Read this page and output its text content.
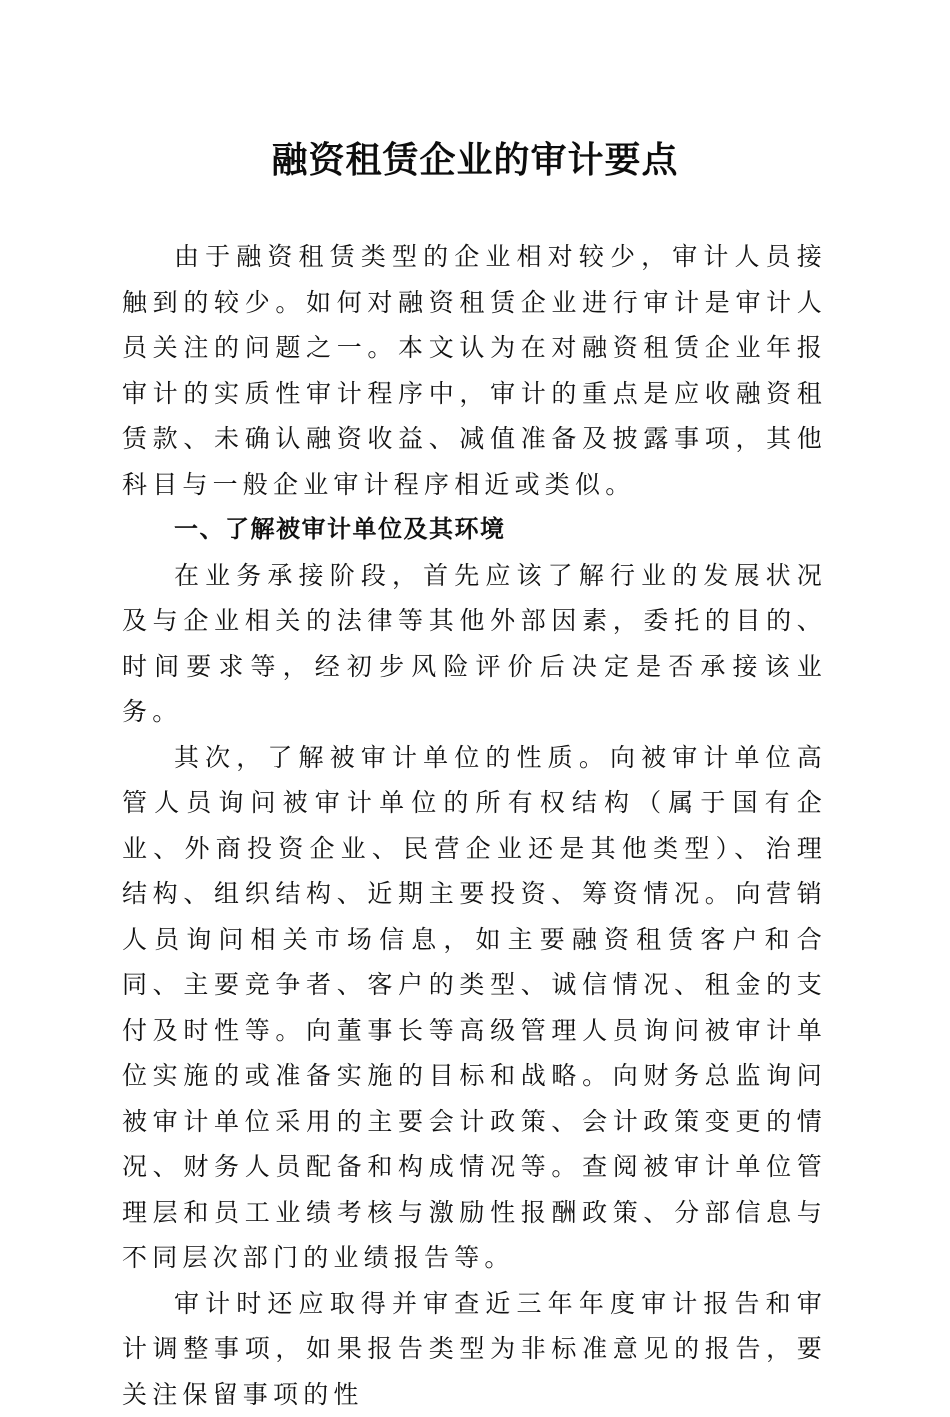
融资租赁企业的审计要点

由于融资租赁类型的企业相对较少，审计人员接触到的较少。如何对融资租赁企业进行审计是审计人员关注的问题之一。本文认为在对融资租赁企业年报审计的实质性审计程序中，审计的重点是应收融资租赁款、未确认融资收益、减值准备及披露事项，其他科目与一般企业审计程序相近或类似。

一、了解被审计单位及其环境

在业务承接阶段，首先应该了解行业的发展状况及与企业相关的法律等其他外部因素，委托的目的、时间要求等，经初步风险评价后决定是否承接该业务。

其次，了解被审计单位的性质。向被审计单位高管人员询问被审计单位的所有权结构（属于国有企业、外商投资企业、民营企业还是其他类型）、治理结构、组织结构、近期主要投资、筹资情况。向营销人员询问相关市场信息，如主要融资租赁客户和合同、主要竞争者、客户的类型、诚信情况、租金的支付及时性等。向董事长等高级管理人员询问被审计单位实施的或准备实施的目标和战略。向财务总监询问被审计单位采用的主要会计政策、会计政策变更的情况、财务人员配备和构成情况等。查阅被审计单位管理层和员工业绩考核与激励性报酬政策、分部信息与不同层次部门的业绩报告等。

审计时还应取得并审查近三年年度审计报告和审计调整事项，如果报告类型为非标准意见的报告，要关注保留事项的性
